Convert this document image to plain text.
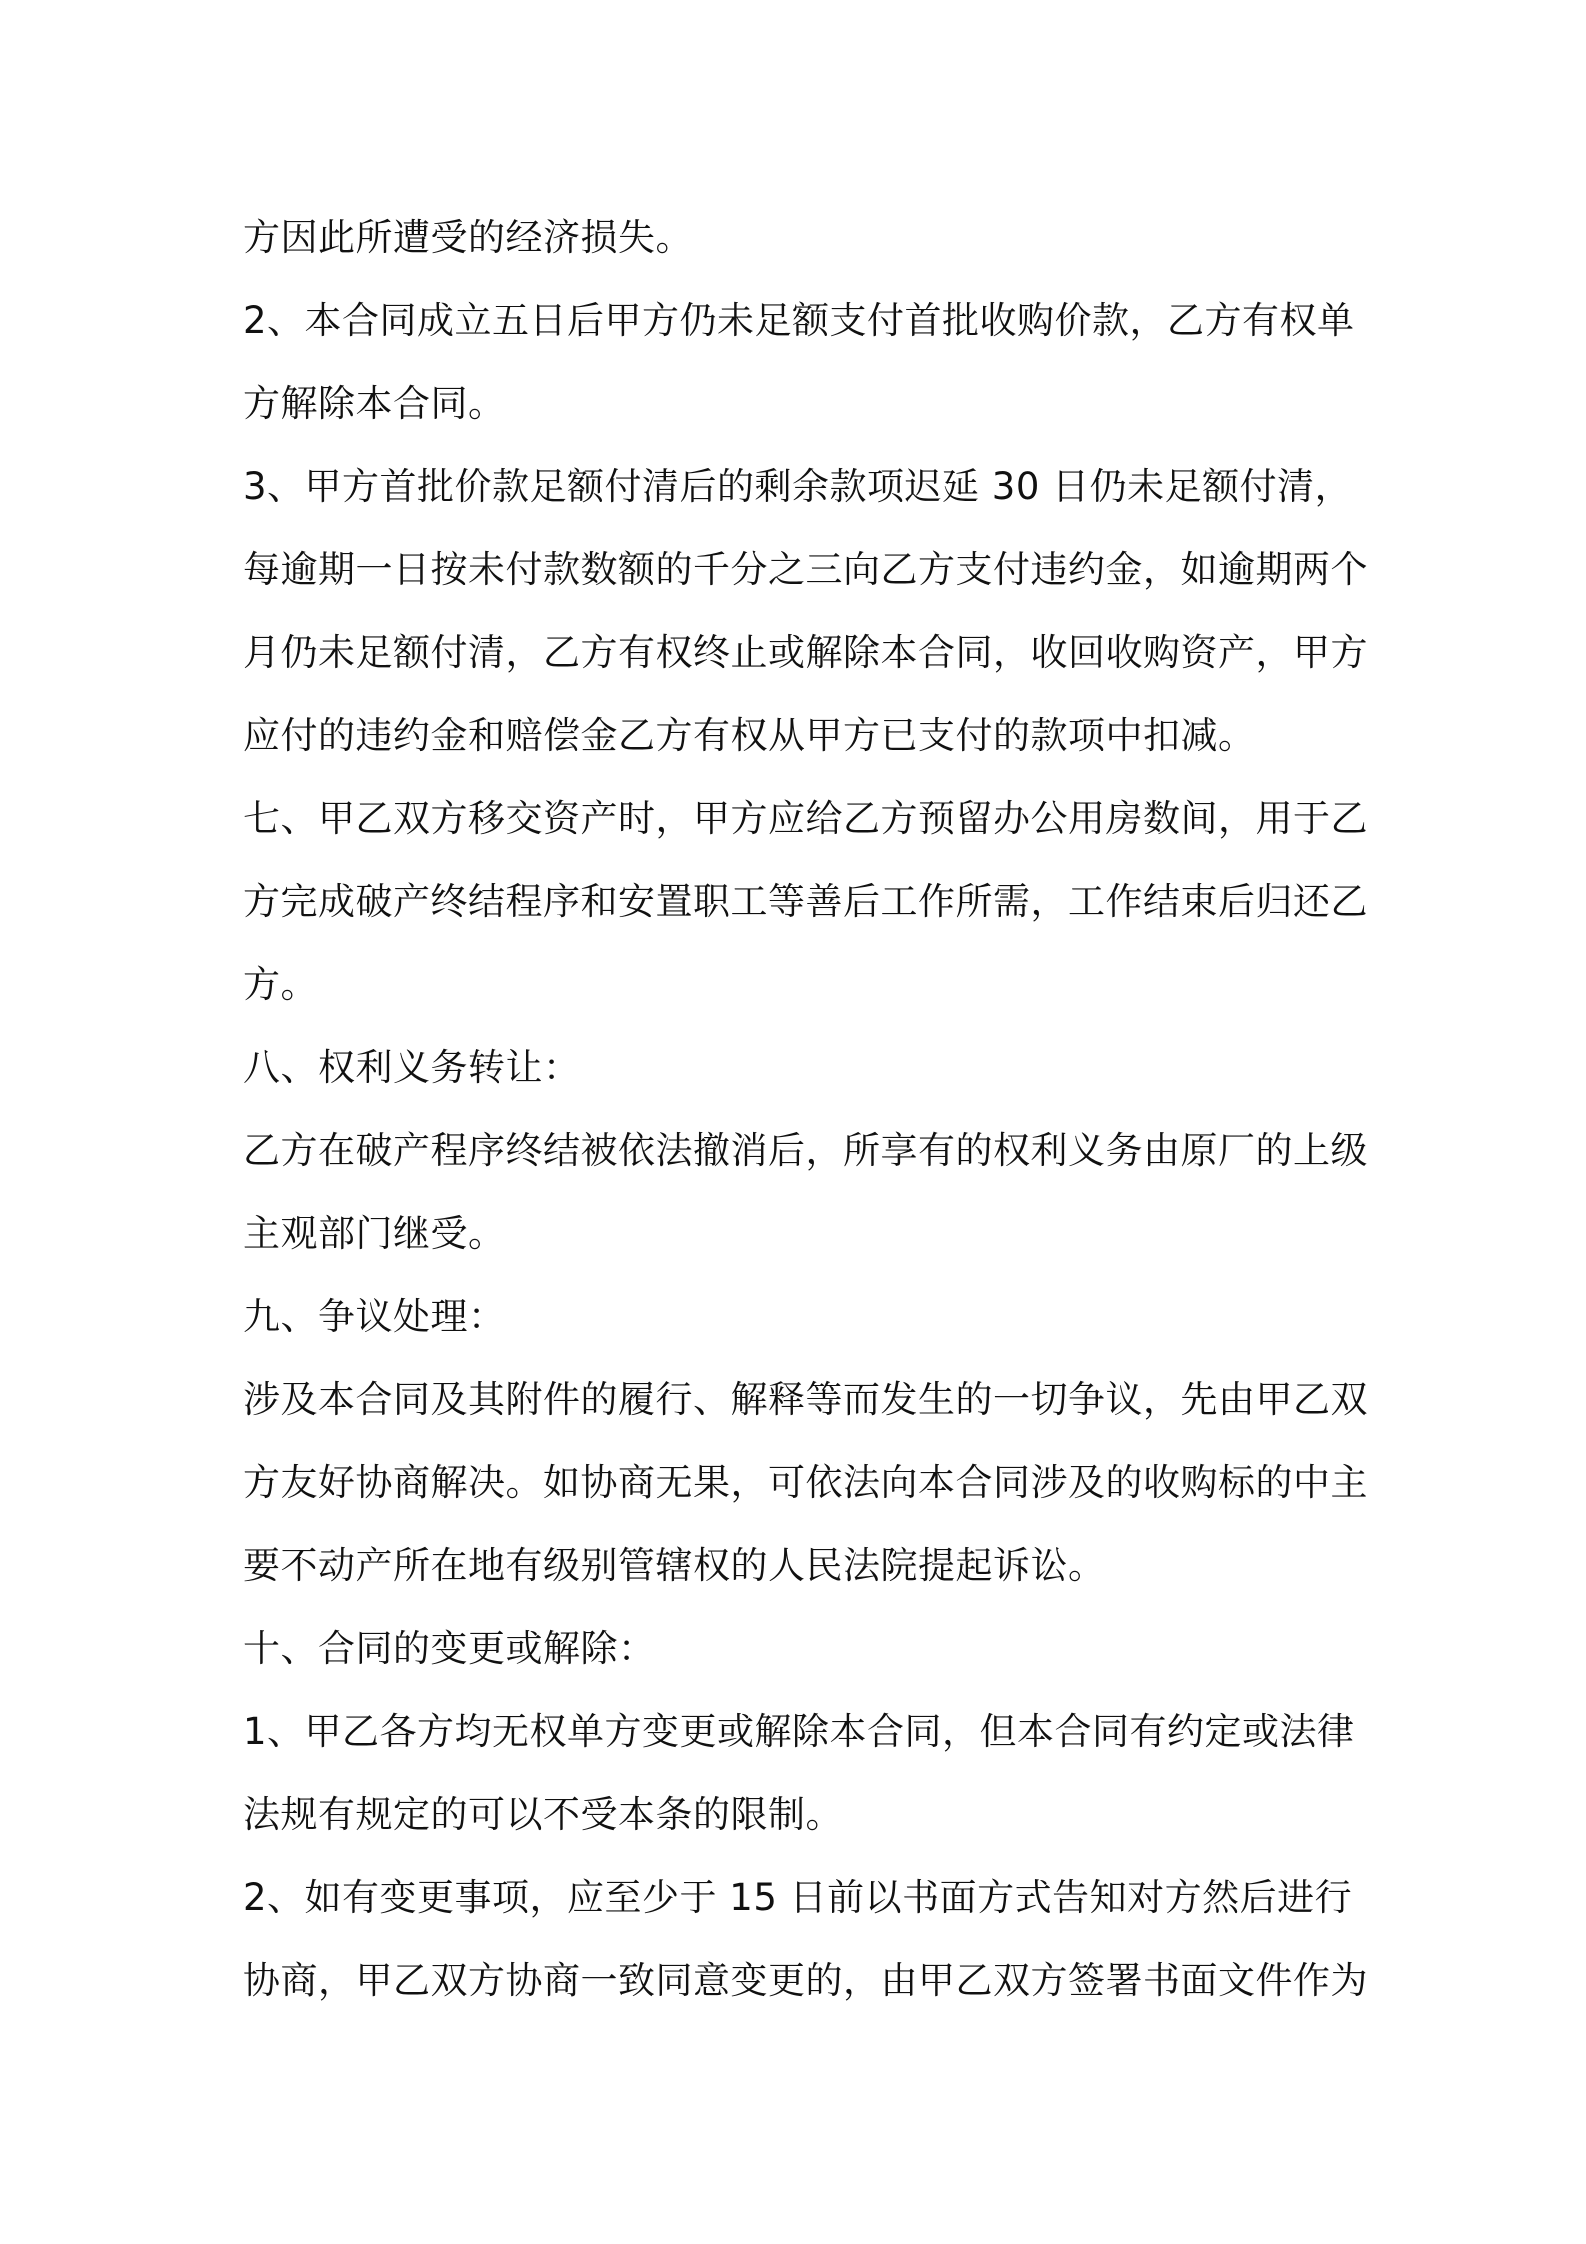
方因此所遭受的经济损失。

2、本合同成立五日后甲方仍未足额支付首批收购价款，乙方有权单
方解除本合同。

3、甲方首批价款足额付清后的剩余款项迟延 30 日仍未足额付清，
每逾期一日按未付款数额的千分之三向乙方支付违约金，如逾期两个
月仍未足额付清，乙方有权终止或解除本合同，收回收购资产，甲方
应付的违约金和赔偿金乙方有权从甲方已支付的款项中扣减。

七、甲乙双方移交资产时，甲方应给乙方预留办公用房数间，用于乙
方完成破产终结程序和安置职工等善后工作所需，工作结束后归还乙
方。

八、权利义务转让：

乙方在破产程序终结被依法撤消后，所享有的权利义务由原厂的上级
主观部门继受。

九、争议处理：

涉及本合同及其附件的履行、解释等而发生的一切争议，先由甲乙双
方友好协商解决。如协商无果，可依法向本合同涉及的收购标的中主
要不动产所在地有级别管辖权的人民法院提起诉讼。

十、合同的变更或解除：

1、甲乙各方均无权单方变更或解除本合同，但本合同有约定或法律
法规有规定的可以不受本条的限制。

2、如有变更事项，应至少于 15 日前以书面方式告知对方然后进行
协商，甲乙双方协商一致同意变更的，由甲乙双方签署书面文件作为
